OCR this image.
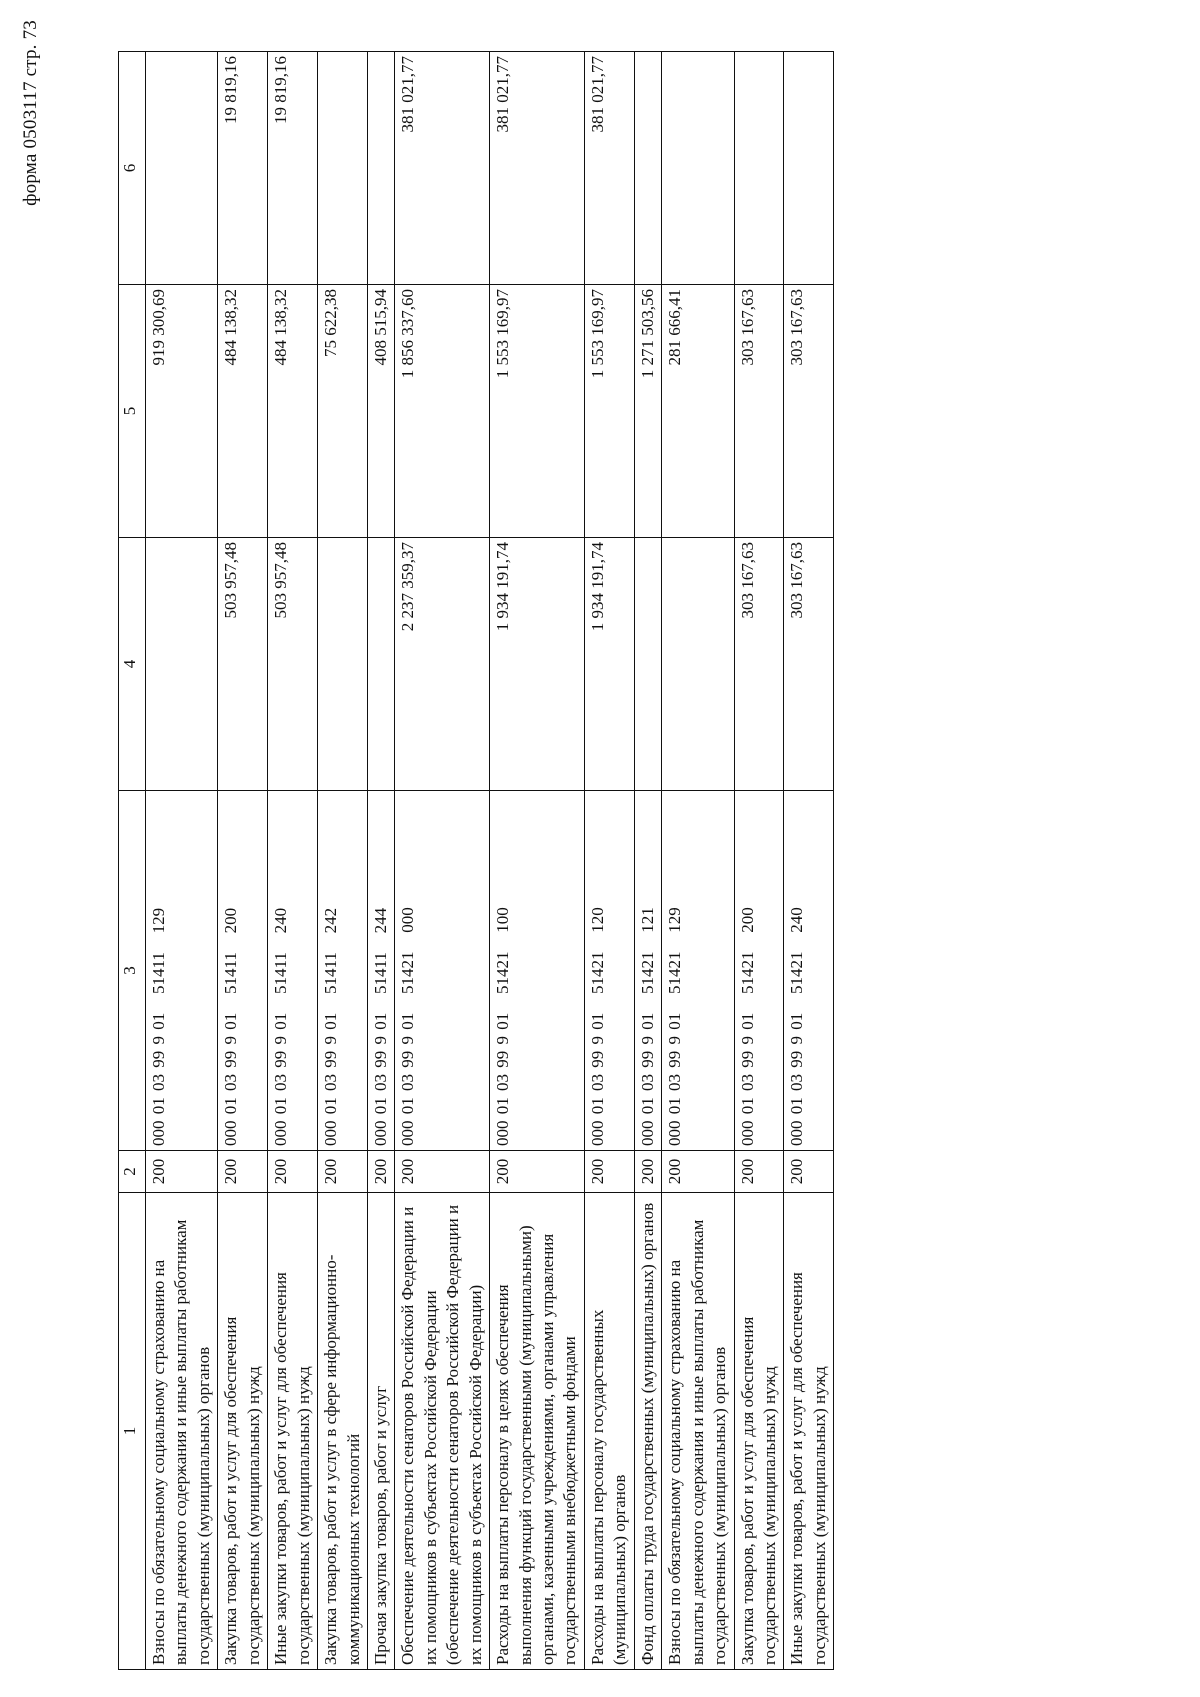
форма 0503117 стр. 73
1	2	3	4	5	6
Взносы по обязательному социальному страхованию на выплаты денежного содержания и иные выплаты работникам государственных (муниципальных) органов	200	000 01 03 99 9 01   51411   129		919 300,69	
Закупка товаров, работ и услуг для обеспечения государственных (муниципальных) нужд	200	000 01 03 99 9 01   51411   200	503 957,48	484 138,32	19 819,16
Иные закупки товаров, работ и услуг для обеспечения государственных (муниципальных) нужд	200	000 01 03 99 9 01   51411   240	503 957,48	484 138,32	19 819,16
Закупка товаров, работ и услуг в сфере информационно-коммуникационных технологий	200	000 01 03 99 9 01   51411   242		75 622,38	
Прочая закупка товаров, работ и услуг	200	000 01 03 99 9 01   51411   244		408 515,94	
Обеспечение деятельности сенаторов Российской Федерации и их помощников в субъектах Российской Федерации (обеспечение деятельности сенаторов Российской Федерации и их помощников в субъектах Российской Федерации)	200	000 01 03 99 9 01   51421   000	2 237 359,37	1 856 337,60	381 021,77
Расходы на выплаты персоналу в целях обеспечения выполнения функций государственными (муниципальными) органами, казенными учреждениями, органами управления государственными внебюджетными фондами	200	000 01 03 99 9 01   51421   100	1 934 191,74	1 553 169,97	381 021,77
Расходы на выплаты персоналу государственных (муниципальных) органов	200	000 01 03 99 9 01   51421   120	1 934 191,74	1 553 169,97	381 021,77
Фонд оплаты труда государственных (муниципальных) органов	200	000 01 03 99 9 01   51421   121		1 271 503,56	
Взносы по обязательному социальному страхованию на выплаты денежного содержания и иные выплаты работникам государственных (муниципальных) органов	200	000 01 03 99 9 01   51421   129		281 666,41	
Закупка товаров, работ и услуг для обеспечения государственных (муниципальных) нужд	200	000 01 03 99 9 01   51421   200	303 167,63	303 167,63	
Иные закупки товаров, работ и услуг для обеспечения государственных (муниципальных) нужд	200	000 01 03 99 9 01   51421   240	303 167,63	303 167,63	
